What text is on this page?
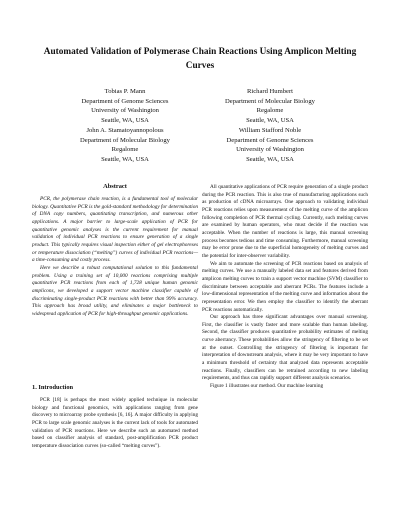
Automated Validation of Polymerase Chain Reactions Using Amplicon Melting
Curves
Tobias P. Mann
Department of Genome Sciences
University of Washington
Seattle, WA, USA
Richard Humbert
Department of Molecular Biology
Regalome
Seattle, WA, USA
John A. Stamatoyannopolous
Department of Molecular Biology
Regalome
Seattle, WA, USA
William Stafford Noble
Department of Genome Sciences
University of Washington
Seattle, WA, USA
Abstract

PCR, the polymerase chain reaction, is a fundamental tool of molecular biology. Quantitative PCR is the gold-standard methodology for determination of DNA copy numbers, quantitating transcription, and numerous other applications. A major barrier to large-scale application of PCR for quantitative genomic analyses is the current requirement for manual validation of individual PCR reactions to ensure generation of a single product. This typically requires visual inspection either of gel electrophoreses or temperature dissociation (“melting”) curves of individual PCR reactions—a time-consuming and costly process.

Here we describe a robust computational solution to this fundamental problem. Using a training set of 10,000 reactions comprising multiple quantitative PCR reactions from each of 1,728 unique human genomic amplicons, we developed a support vector machine classifier capable of discriminating single-product PCR reactions with better than 99% accuracy. This approach has broad utility, and eliminates a major bottleneck to widespread application of PCR for high-throughput genomic applications.

1. Introduction

PCR [18] is perhaps the most widely applied technique in molecular biology and functional genomics, with applications ranging from gene discovery to microarray probe synthesis [6, 16]. A major difficulty in applying PCR to large scale genomic analyses is the current lack of tools for automated validation of PCR reactions. Here we describe such an automated method based on classifier analysis of standard, post-amplification PCR product temperature dissociation curves (so-called “melting curves”).

All quantitative applications of PCR require generation of a single product during the PCR reaction. This is also true of manufacturing applications such as production of cDNA microarrays. One approach to validating individual PCR reactions relies upon measurement of the melting curve of the amplicon following completion of PCR thermal cycling. Currently, such melting curves are examined by human operators, who must decide if the reaction was acceptable. When the number of reactions is large, this manual screening process becomes tedious and time consuming. Furthermore, manual screening may be error prone due to the superficial homogeneity of melting curves and the potential for inter-observer variability.

We aim to automate the screening of PCR reactions based on analysis of melting curves. We use a manually labeled data set and features derived from amplicon melting curves to train a support vector machine (SVM) classifier to discriminate between acceptable and aberrant PCRs. The features include a low-dimensional representation of the melting curve and information about the representation error. We then employ the classifier to identify the aberrant PCR reactions automatically.

Our approach has three significant advantages over manual screening. First, the classifier is vastly faster and more scalable than human labeling. Second, the classifier produces quantitative probability estimates of melting curve aberrancy. These probabilities allow the stringency of filtering to be set at the outset. Controlling the stringency of filtering is important for interpretation of downstream analysis, where it may be very important to have a minimum threshold of certainty that analyzed data represents acceptable reactions. Finally, classifiers can be retrained according to new labeling requirements, and thus can rapidly support different analysis scenarios.

Figure 1 illustrates our method. Our machine learning
